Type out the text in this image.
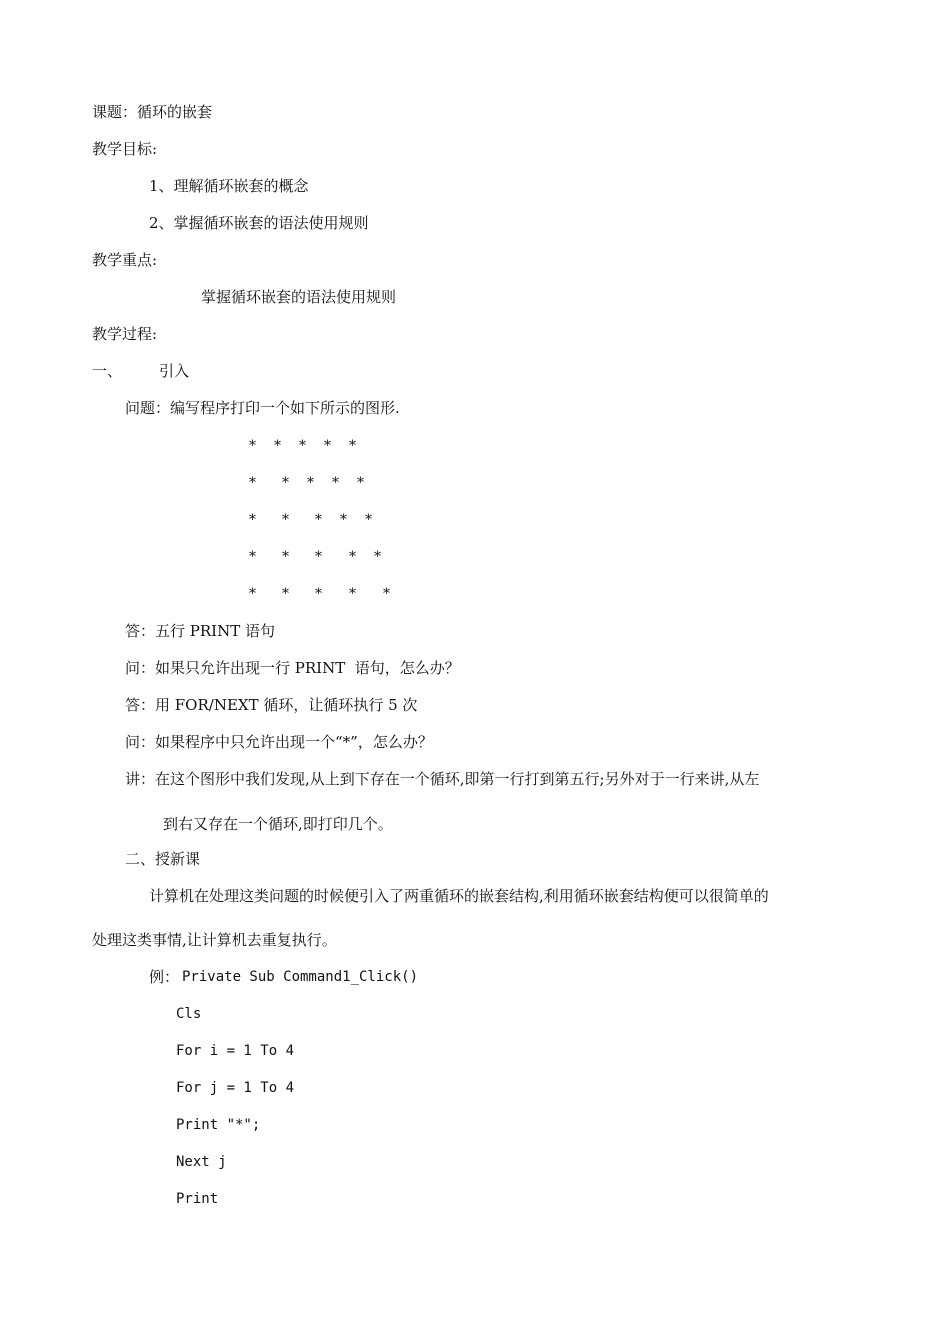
课题：循环的嵌套
教学目标:
1、理解循环嵌套的概念
2、掌握循环嵌套的语法使用规则
教学重点:
掌握循环嵌套的语法使用规则
教学过程:
一、 引入
问题：编写程序打印一个如下所示的图形.
* * * * *
* * * * *
* * * * *
* * * * *
* * * * *
答：五行 PRINT 语句
问：如果只允许出现一行 PRINT  语句，怎么办？
答：用 FOR/NEXT 循环，让循环执行 5 次
问：如果程序中只允许出现一个“*”，怎么办？
讲：在这个图形中我们发现,从上到下存在一个循环,即第一行打到第五行;另外对于一行来讲,从左
到右又存在一个循环,即打印几个。
二、授新课
计算机在处理这类问题的时候便引入了两重循环的嵌套结构,利用循环嵌套结构便可以很简单的
处理这类事情,让计算机去重复执行。
例： Private Sub Command1_Click()
Cls
For i = 1 To 4
For j = 1 To 4
Print "*";
Next j
Print
